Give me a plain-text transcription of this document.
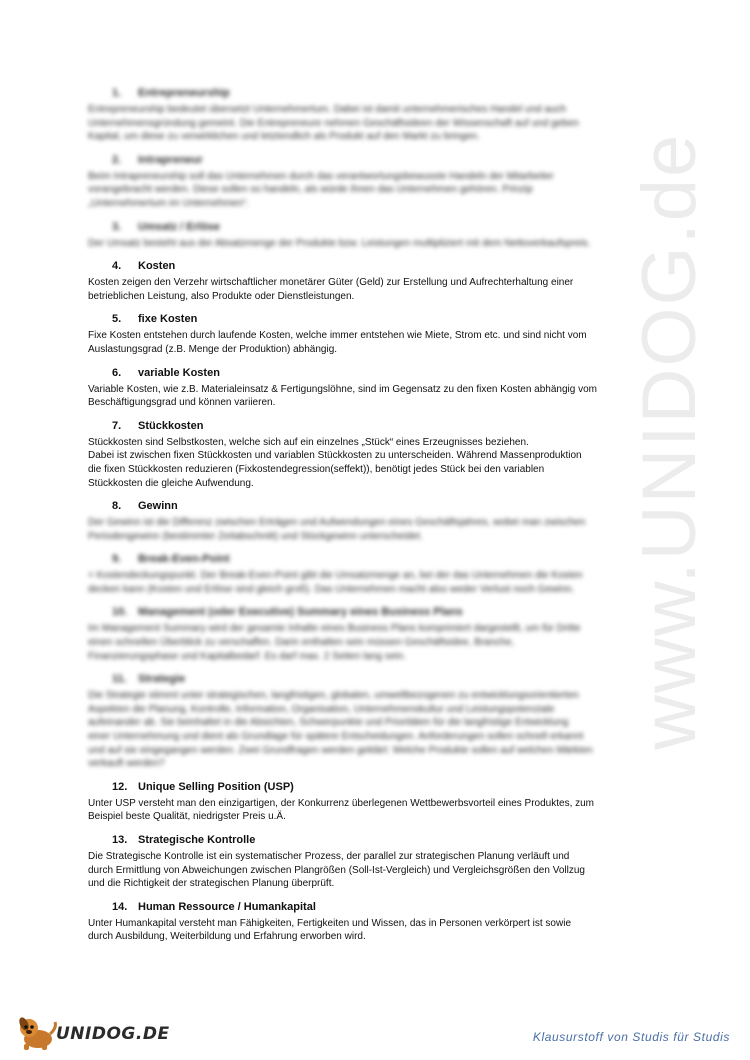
www.UNIDOG.de
1. Entrepreneurship

Entrepreneurship bedeutet übersetzt Unternehmertum. Dabei ist damit unternehmerisches Handel und auch
Unternehmensgründung gemeint. Die Entrepreneure nehmen Geschäftsideen der Wissenschaft auf und geben
Kapital, um diese zu verwirklichen und letztendlich als Produkt auf den Markt zu bringen.

2. Intrapreneur

Beim Intrapreneurship soll das Unternehmen durch das verantwortungsbewusste Handeln der Mitarbeiter
vorangebracht werden. Diese sollen so handeln, als würde ihnen das Unternehmen gehören. Prinzip
„Unternehmertum im Unternehmen“.

3. Umsatz / Erlöse

Der Umsatz besteht aus der Absatzmenge der Produkte bzw. Leistungen multipliziert mit dem Nettoverkaufspreis.

4. Kosten

Kosten zeigen den Verzehr wirtschaftlicher monetärer Güter (Geld) zur Erstellung und Aufrechterhaltung einer
betrieblichen Leistung, also Produkte oder Dienstleistungen.

5. fixe Kosten

Fixe Kosten entstehen durch laufende Kosten, welche immer entstehen wie Miete, Strom etc. und sind nicht vom
Auslastungsgrad (z.B. Menge der Produktion) abhängig.

6. variable Kosten

Variable Kosten, wie z.B. Materialeinsatz & Fertigungslöhne, sind im Gegensatz zu den fixen Kosten abhängig vom
Beschäftigungsgrad und können variieren.

7. Stückkosten

Stückkosten sind Selbstkosten, welche sich auf ein einzelnes „Stück“ eines Erzeugnisses beziehen.
Dabei ist zwischen fixen Stückkosten und variablen Stückkosten zu unterscheiden. Während Massenproduktion
die fixen Stückkosten reduzieren (Fixkostendegression(seffekt)), benötigt jedes Stück bei den variablen
Stückkosten die gleiche Aufwendung.

8. Gewinn

Der Gewinn ist die Differenz zwischen Erträgen und Aufwendungen eines Geschäftsjahres, wobei man zwischen
Periodengewinn (bestimmter Zeitabschnitt) und Stückgewinn unterscheidet.

9. Break-Even-Point

= Kostendeckungspunkt. Der Break-Even-Point gibt die Umsatzmenge an, bei der das Unternehmen die Kosten
decken kann (Kosten und Erlöse sind gleich groß). Das Unternehmen macht also weder Verlust noch Gewinn.

10. Management (oder Executive) Summary eines Business Plans

Im Management Summary wird der gesamte Inhalte eines Business Plans komprimiert dargestellt, um für Dritte
einen schnellen Überblick zu verschaffen. Darin enthalten sein müssen Geschäftsidee, Branche,
Finanzierungsphase und Kapitalbedarf. Es darf max. 2 Seiten lang sein.

11. Strategie

Die Strategie stimmt unter strategischen, langfristigen, globalen, umweltbezogenen zu entwicklungsorientierten
Aspekten die Planung, Kontrolle, Information, Organisation, Unternehmenskultur und Leistungspotenziale
aufeinander ab. Sie beinhaltet in die Absichten, Schwerpunkte und Prioritäten für die langfristige Entwicklung
einer Unternehmung und dient als Grundlage für spätere Entscheidungen. Anforderungen sollen schnell erkannt
und auf sie eingegangen werden. Zwei Grundfragen werden geklärt: Welche Produkte sollen auf welchen Märkten
verkauft werden?

12. Unique Selling Position (USP)

Unter USP versteht man den einzigartigen, der Konkurrenz überlegenen Wettbewerbsvorteil eines Produktes, zum
Beispiel beste Qualität, niedrigster Preis u.Ä.

13. Strategische Kontrolle

Die Strategische Kontrolle ist ein systematischer Prozess, der parallel zur strategischen Planung verläuft und
durch Ermittlung von Abweichungen zwischen Plangrößen (Soll-Ist-Vergleich) und Vergleichsgrößen den Vollzug
und die Richtigkeit der strategischen Planung überprüft.

14. Human Ressource / Humankapital

Unter Humankapital versteht man Fähigkeiten, Fertigkeiten und Wissen, das in Personen verkörpert ist sowie
durch Ausbildung, Weiterbildung und Erfahrung erworben wird.

UNIDOG.DE	Klausurstoff von Studis für Studis
